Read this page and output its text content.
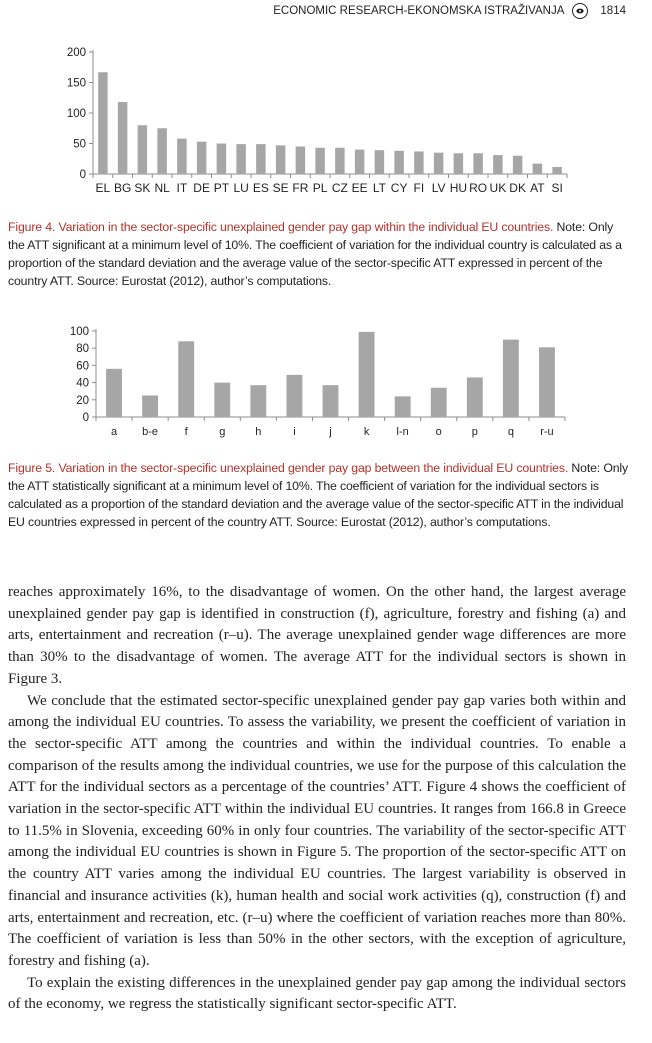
ECONOMIC RESEARCH-EKONOMSKA ISTRAŽIVANJA	1814
0
50
100
150
200
EL BG SK NL IT DE PT LU ES SE FR PL CZ EE LT CY FI LV HU RO UK DK AT SI
Figure 4. Variation in the sector-specific unexplained gender pay gap within the individual EU countries. Note: Only the ATT significant at a minimum level of 10%. The coefficient of variation for the individual country is calculated as a proportion of the standard deviation and the average value of the sector-specific ATT expressed in percent of the country ATT. Source: Eurostat (2012), author’s computations.
0
20
40
60
80
100
a b-e f	g	h	i	j	k l-n o	p	q r-u
Figure 5. Variation in the sector-specific unexplained gender pay gap between the individual EU countries. Note: Only the ATT statistically significant at a minimum level of 10%. The coefficient of variation for the individual sectors is calculated as a proportion of the standard deviation and the average value of the sector-specific ATT in the individual EU countries expressed in percent of the country ATT. Source: Eurostat (2012), author’s computations.

reaches approximately 16%, to the disadvantage of women. On the other hand, the largest average unexplained gender pay gap is identified in construction (f), agriculture, forestry and fishing (a) and arts, entertainment and recreation (r–u). The average unexplained gender wage differences are more than 30% to the disadvantage of women. The average ATT for the individual sectors is shown in Figure 3.

We conclude that the estimated sector-specific unexplained gender pay gap varies both within and among the individual EU countries. To assess the variability, we present the coefficient of variation in the sector-specific ATT among the countries and within the individual countries. To enable a comparison of the results among the individual countries, we use for the purpose of this calculation the ATT for the individual sectors as a percentage of the countries’ ATT. Figure 4 shows the coefficient of variation in the sector-specific ATT within the individual EU countries. It ranges from 166.8 in Greece to 11.5% in Slovenia, exceeding 60% in only four countries. The variability of the sector-specific ATT among the individual EU countries is shown in Figure 5. The proportion of the sector-specific ATT on the country ATT varies among the individual EU countries. The largest variability is observed in financial and insurance activities (k), human health and social work activities (q), construction (f) and arts, entertainment and recreation, etc. (r–u) where the coefficient of variation reaches more than 80%. The coefficient of variation is less than 50% in the other sectors, with the exception of agriculture, forestry and fishing (a).

To explain the existing differences in the unexplained gender pay gap among the individual sectors of the economy, we regress the statistically significant sector-specific ATT.
